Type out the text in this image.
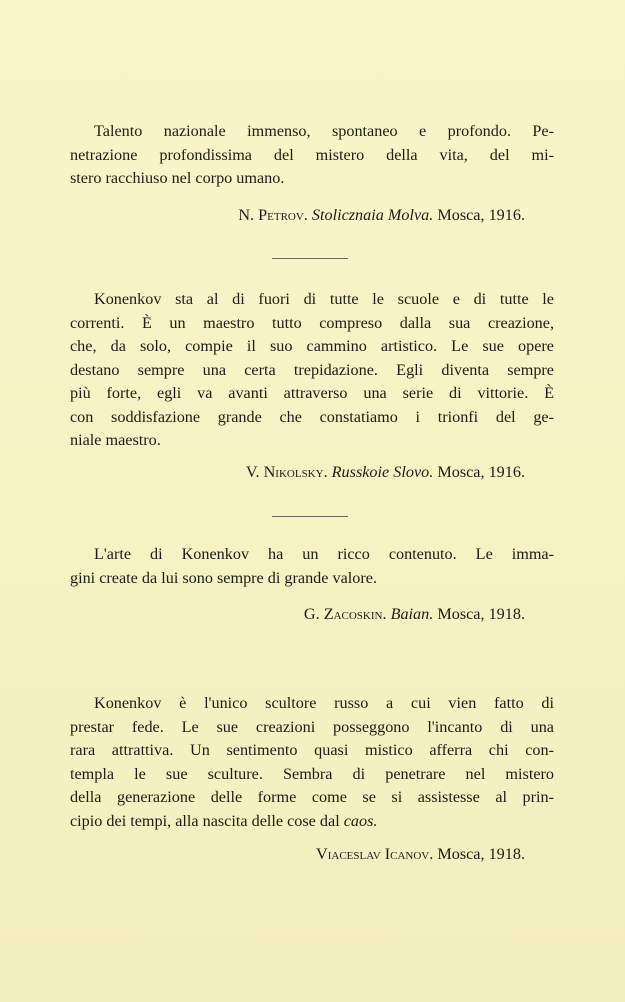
Talento nazionale immenso, spontaneo e profondo. Pe-
netrazione profondissima del mistero della vita, del mi-
stero racchiuso nel corpo umano.
N. Petrov. Stolicznaia Molva. Mosca, 1916.
Konenkov sta al di fuori di tutte le scuole e di tutte le
correnti. È un maestro tutto compreso dalla sua creazione,
che, da solo, compie il suo cammino artistico. Le sue opere
destano sempre una certa trepidazione. Egli diventa sempre
più forte, egli va avanti attraverso una serie di vittorie. È
con soddisfazione grande che constatiamo i trionfi del ge-
niale maestro.
V. Nikolsky. Russkoie Slovo. Mosca, 1916.
L'arte di Konenkov ha un ricco contenuto. Le imma-
gini create da lui sono sempre di grande valore.
G. Zacoskin. Baian. Mosca, 1918.
Konenkov è l'unico scultore russo a cui vien fatto di
prestar fede. Le sue creazioni posseggono l'incanto di una
rara attrattiva. Un sentimento quasi mistico afferra chi con-
templa le sue sculture. Sembra di penetrare nel mistero
della generazione delle forme come se si assistesse al prin-
cipio dei tempi, alla nascita delle cose dal caos.
Viaceslav Icanov. Mosca, 1918.
